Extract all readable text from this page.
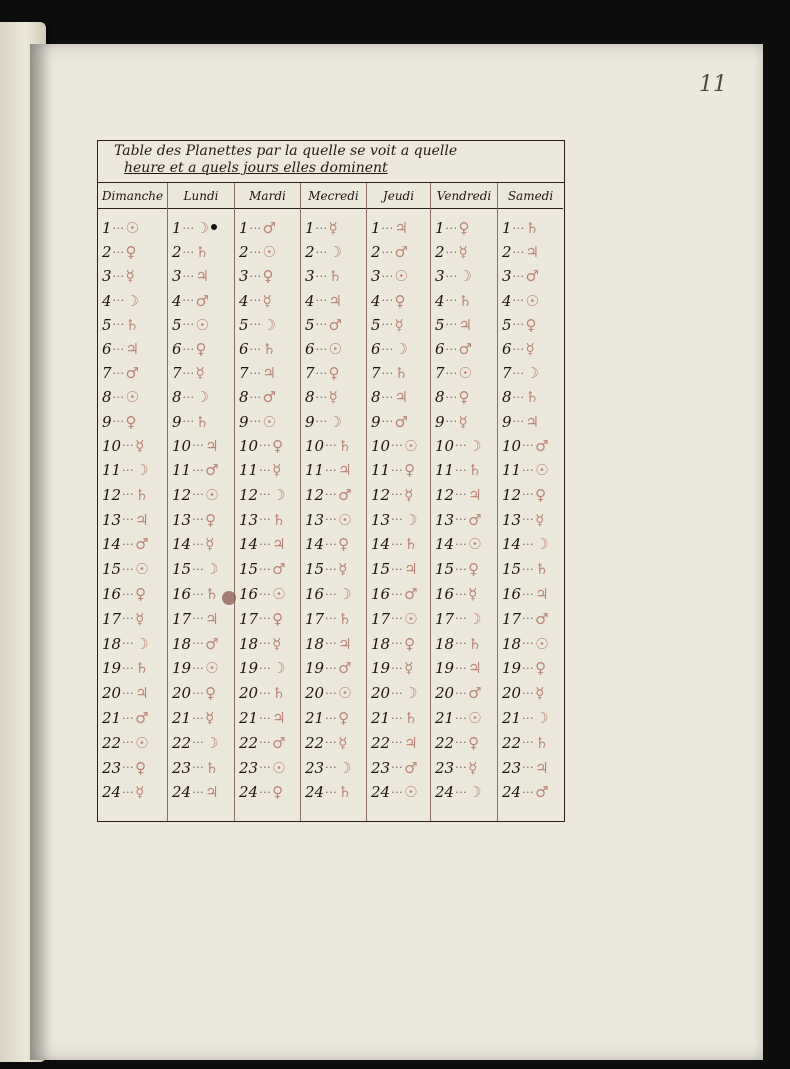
11
Table des Planettes par la quelle se voit a quelle
heure et a quels jours elles dominent
Dimanche
1 ··· ☉
2 ··· ♀
3 ··· ☿
4 ··· ☽
5 ··· ♄
6 ··· ♃
7 ··· ♂
8 ··· ☉
9 ··· ♀
10 ··· ☿
11 ··· ☽
12 ··· ♄
13 ··· ♃
14 ··· ♂
15 ··· ☉
16 ··· ♀
17 ··· ☿
18 ··· ☽
19 ··· ♄
20 ··· ♃
21 ··· ♂
22 ··· ☉
23 ··· ♀
24 ··· ☿
Lundi
1 ··· ☽
2 ··· ♄
3 ··· ♃
4 ··· ♂
5 ··· ☉
6 ··· ♀
7 ··· ☿
8 ··· ☽
9 ··· ♄
10 ··· ♃
11 ··· ♂
12 ··· ☉
13 ··· ♀
14 ··· ☿
15 ··· ☽
16 ··· ♄
17 ··· ♃
18 ··· ♂
19 ··· ☉
20 ··· ♀
21 ··· ☿
22 ··· ☽
23 ··· ♄
24 ··· ♃
Mardi
1 ··· ♂
2 ··· ☉
3 ··· ♀
4 ··· ☿
5 ··· ☽
6 ··· ♄
7 ··· ♃
8 ··· ♂
9 ··· ☉
10 ··· ♀
11 ··· ☿
12 ··· ☽
13 ··· ♄
14 ··· ♃
15 ··· ♂
16 ··· ☉
17 ··· ♀
18 ··· ☿
19 ··· ☽
20 ··· ♄
21 ··· ♃
22 ··· ♂
23 ··· ☉
24 ··· ♀
Mecredi
1 ··· ☿
2 ··· ☽
3 ··· ♄
4 ··· ♃
5 ··· ♂
6 ··· ☉
7 ··· ♀
8 ··· ☿
9 ··· ☽
10 ··· ♄
11 ··· ♃
12 ··· ♂
13 ··· ☉
14 ··· ♀
15 ··· ☿
16 ··· ☽
17 ··· ♄
18 ··· ♃
19 ··· ♂
20 ··· ☉
21 ··· ♀
22 ··· ☿
23 ··· ☽
24 ··· ♄
Jeudi
1 ··· ♃
2 ··· ♂
3 ··· ☉
4 ··· ♀
5 ··· ☿
6 ··· ☽
7 ··· ♄
8 ··· ♃
9 ··· ♂
10 ··· ☉
11 ··· ♀
12 ··· ☿
13 ··· ☽
14 ··· ♄
15 ··· ♃
16 ··· ♂
17 ··· ☉
18 ··· ♀
19 ··· ☿
20 ··· ☽
21 ··· ♄
22 ··· ♃
23 ··· ♂
24 ··· ☉
Vendredi
1 ··· ♀
2 ··· ☿
3 ··· ☽
4 ··· ♄
5 ··· ♃
6 ··· ♂
7 ··· ☉
8 ··· ♀
9 ··· ☿
10 ··· ☽
11 ··· ♄
12 ··· ♃
13 ··· ♂
14 ··· ☉
15 ··· ♀
16 ··· ☿
17 ··· ☽
18 ··· ♄
19 ··· ♃
20 ··· ♂
21 ··· ☉
22 ··· ♀
23 ··· ☿
24 ··· ☽
Samedi
1 ··· ♄
2 ··· ♃
3 ··· ♂
4 ··· ☉
5 ··· ♀
6 ··· ☿
7 ··· ☽
8 ··· ♄
9 ··· ♃
10 ··· ♂
11 ··· ☉
12 ··· ♀
13 ··· ☿
14 ··· ☽
15 ··· ♄
16 ··· ♃
17 ··· ♂
18 ··· ☉
19 ··· ♀
20 ··· ☿
21 ··· ☽
22 ··· ♄
23 ··· ♃
24 ··· ♂
